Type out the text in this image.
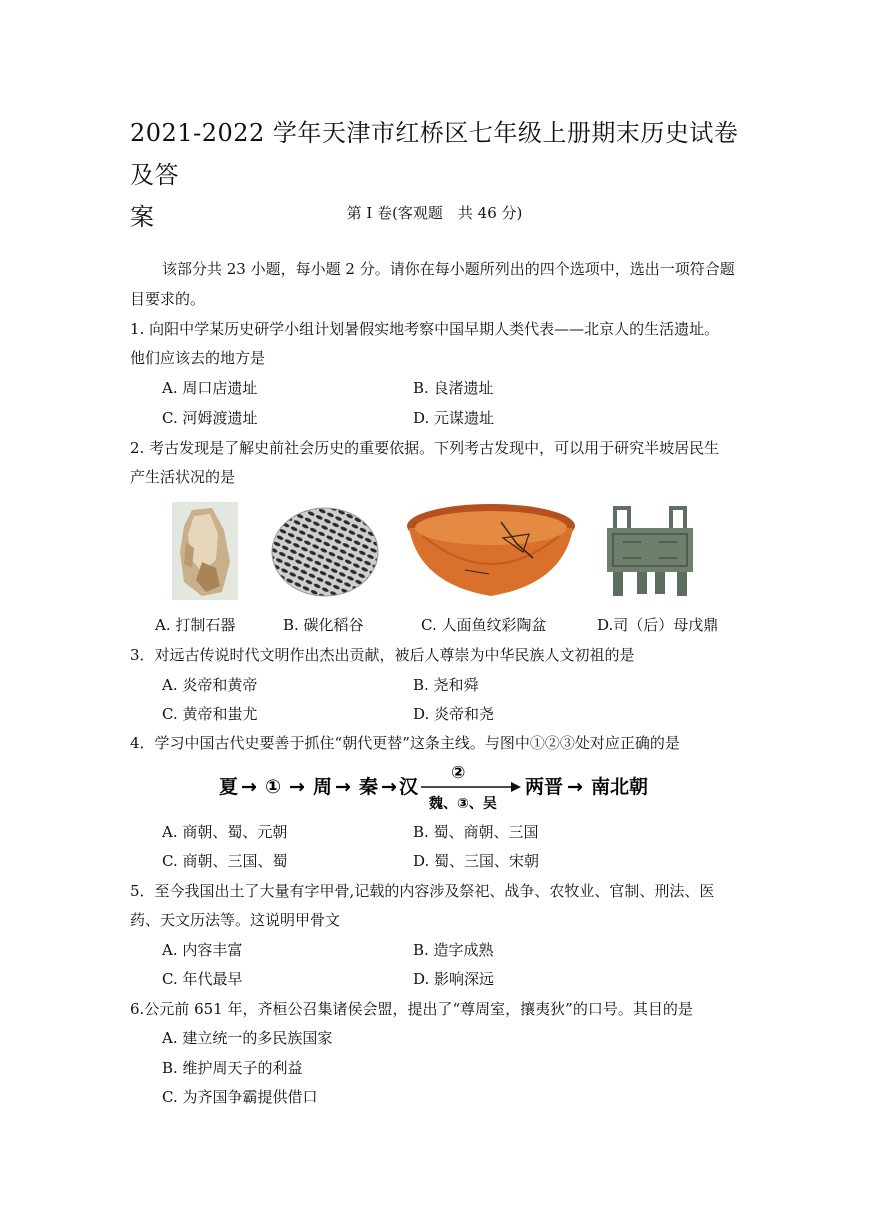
2021-2022 学年天津市红桥区七年级上册期末历史试卷及答
案	第 I 卷(客观题　共 46 分)
该部分共 23 小题，每小题 2 分。请你在每小题所列出的四个选项中，选出一项符合题
目要求的。
1. 向阳中学某历史研学小组计划暑假实地考察中国早期人类代表——北京人的生活遗址。
他们应该去的地方是
A. 周口店遗址	B. 良渚遗址
C. 河姆渡遗址	D. 元谋遗址
2. 考古发现是了解史前社会历史的重要依据。下列考古发现中，可以用于研究半坡居民生
产生活状况的是
A. 打制石器	B. 碳化稻谷	C. 人面鱼纹彩陶盆	D.司（后）母戊鼎
3．对远古传说时代文明作出杰出贡献，被后人尊崇为中华民族人文初祖的是
A. 炎帝和黄帝	B. 尧和舜
C. 黄帝和蚩尤	D. 炎帝和尧
4．学习中国古代史要善于抓住“朝代更替”这条主线。与图中①②③处对应正确的是
夏 → ① → 周 → 秦 → 汉
②
魏、③、吴
两晋 → 南北朝
A. 商朝、蜀、元朝	B. 蜀、商朝、三国
C. 商朝、三国、蜀	D. 蜀、三国、宋朝
5．至今我国出土了大量有字甲骨,记载的内容涉及祭祀、战争、农牧业、官制、刑法、医
药、天文历法等。这说明甲骨文
A. 内容丰富	B. 造字成熟
C. 年代最早	D. 影响深远
6.公元前 651 年，齐桓公召集诸侯会盟，提出了“尊周室，攘夷狄”的口号。其目的是
A. 建立统一的多民族国家
B. 维护周天子的利益
C. 为齐国争霸提供借口
